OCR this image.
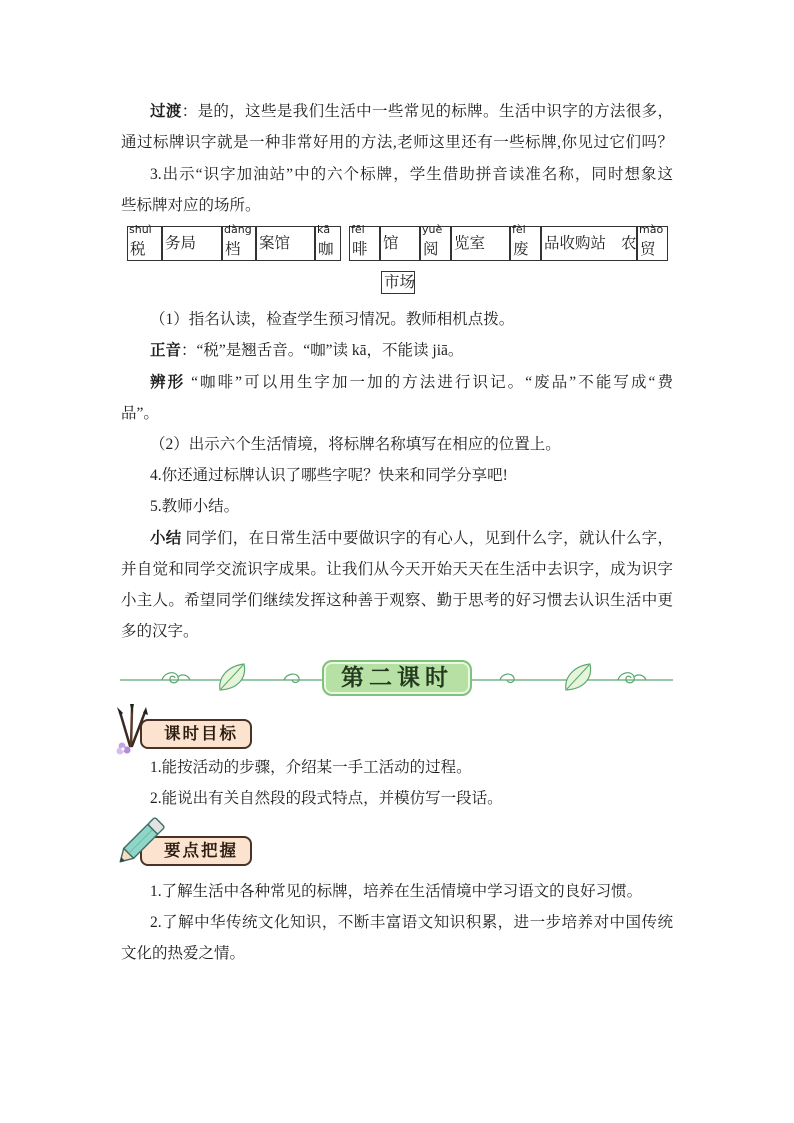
过渡：是的，这些是我们生活中一些常见的标牌。生活中识字的方法很多，
通过标牌识字就是一种非常好用的方法,老师这里还有一些标牌,你见过它们吗？
3.出示“识字加油站”中的六个标牌，学生借助拼音读准名称，同时想象这
些标牌对应的场所。
shuì
税 务局
dàng
档 案馆
kā
咖
fēi
啡 馆
yuè
阅 览室
fèi
废 品收购站 农
mào
贸
市场
（1）指名认读，检查学生预习情况。教师相机点拨。
正音：“税”是翘舌音。“咖”读 kā，不能读 jiā。
辨形 “咖啡”可以用生字加一加的方法进行识记。“废品”不能写成“费
品”。
（2）出示六个生活情境，将标牌名称填写在相应的位置上。
4.你还通过标牌认识了哪些字呢？快来和同学分享吧!
5.教师小结。
小结 同学们，在日常生活中要做识字的有心人，见到什么字，就认什么字，
并自觉和同学交流识字成果。让我们从今天开始天天在生活中去识字，成为识字
小主人。希望同学们继续发挥这种善于观察、勤于思考的好习惯去认识生活中更
多的汉字。
第二课时
课时目标
1.能按活动的步骤，介绍某一手工活动的过程。
2.能说出有关自然段的段式特点，并模仿写一段话。
要点把握
1.了解生活中各种常见的标牌，培养在生活情境中学习语文的良好习惯。
2.了解中华传统文化知识，不断丰富语文知识积累，进一步培养对中国传统
文化的热爱之情。
